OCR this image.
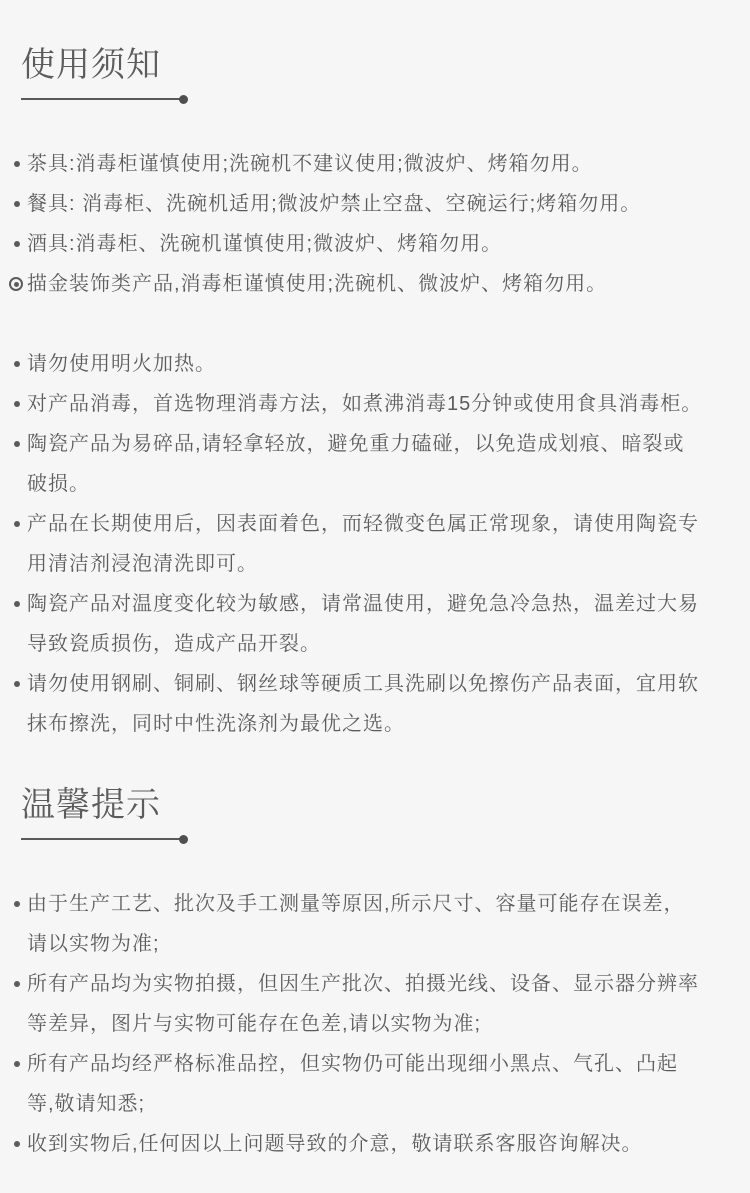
使用须知
茶具:消毒柜谨慎使用;洗碗机不建议使用;微波炉、烤箱勿用。
餐具: 消毒柜、洗碗机适用;微波炉禁止空盘、空碗运行;烤箱勿用。
酒具:消毒柜、洗碗机谨慎使用;微波炉、烤箱勿用。
描金装饰类产品,消毒柜谨慎使用;洗碗机、微波炉、烤箱勿用。
请勿使用明火加热。
对产品消毒，首选物理消毒方法，如煮沸消毒15分钟或使用食具消毒柜。
陶瓷产品为易碎品,请轻拿轻放，避免重力磕碰，以免造成划痕、暗裂或破损。
产品在长期使用后，因表面着色，而轻微变色属正常现象，请使用陶瓷专用清洁剂浸泡清洗即可。
陶瓷产品对温度变化较为敏感，请常温使用，避免急冷急热，温差过大易导致瓷质损伤，造成产品开裂。
请勿使用钢刷、铜刷、钢丝球等硬质工具洗刷以免擦伤产品表面，宜用软抹布擦洗，同时中性洗涤剂为最优之选。
温馨提示
由于生产工艺、批次及手工测量等原因,所示尺寸、容量可能存在误差，请以实物为准;
所有产品均为实物拍摄，但因生产批次、拍摄光线、设备、显示器分辨率等差异，图片与实物可能存在色差,请以实物为准;
所有产品均经严格标准品控，但实物仍可能出现细小黑点、气孔、凸起等,敬请知悉;
收到实物后,任何因以上问题导致的介意，敬请联系客服咨询解决。
